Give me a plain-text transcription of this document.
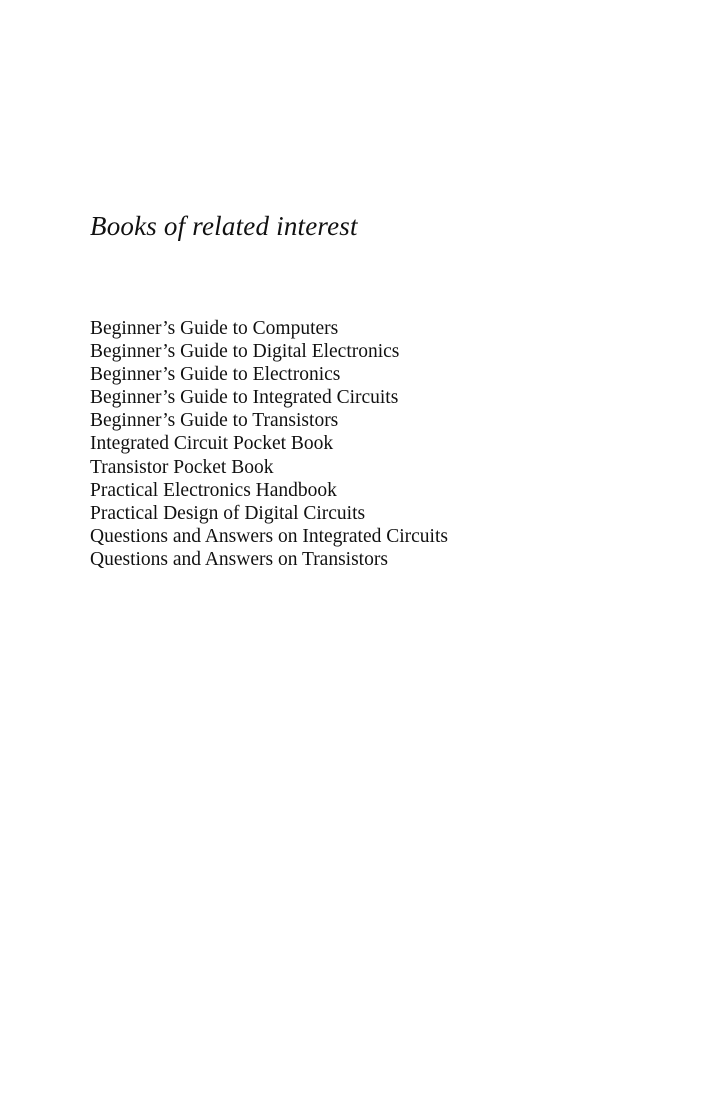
Books of related interest
Beginner’s Guide to Computers
Beginner’s Guide to Digital Electronics
Beginner’s Guide to Electronics
Beginner’s Guide to Integrated Circuits
Beginner’s Guide to Transistors
Integrated Circuit Pocket Book
Transistor Pocket Book
Practical Electronics Handbook
Practical Design of Digital Circuits
Questions and Answers on Integrated Circuits
Questions and Answers on Transistors
